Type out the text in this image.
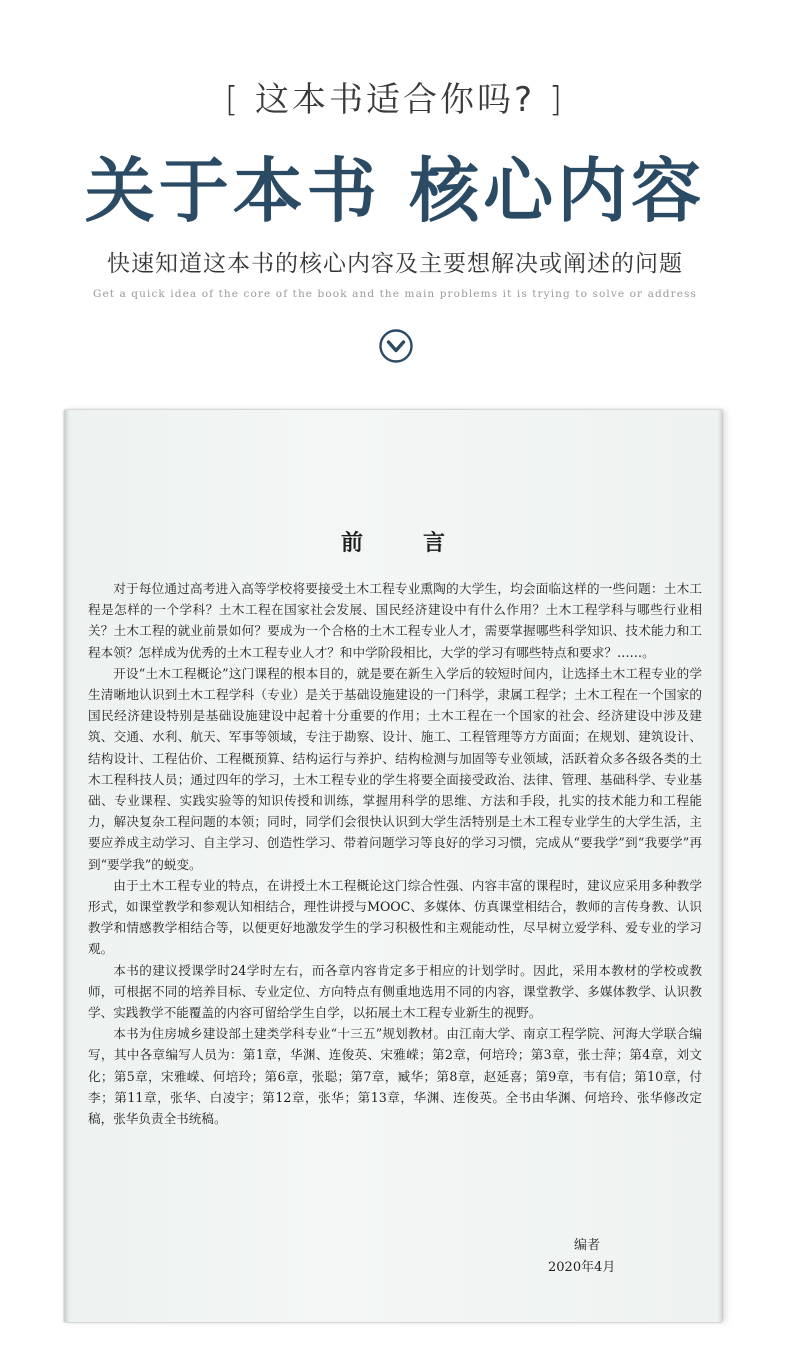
[ 这本书适合你吗? ]
关于本书 核心内容
快速知道这本书的核心内容及主要想解决或阐述的问题
Get a quick idea of the core of the book and the main problems it is trying to solve or address
前言

对于每位通过高考进入高等学校将要接受土木工程专业熏陶的大学生，均会面临这样的一些问题：土木工程是怎样的一个学科？土木工程在国家社会发展、国民经济建设中有什么作用？土木工程学科与哪些行业相关？土木工程的就业前景如何？要成为一个合格的土木工程专业人才，需要掌握哪些科学知识、技术能力和工程本领？怎样成为优秀的土木工程专业人才？和中学阶段相比，大学的学习有哪些特点和要求？……。

开设“土木工程概论”这门课程的根本目的，就是要在新生入学后的较短时间内，让选择土木工程专业的学生清晰地认识到土木工程学科（专业）是关于基础设施建设的一门科学，隶属工程学；土木工程在一个国家的国民经济建设特别是基础设施建设中起着十分重要的作用；土木工程在一个国家的社会、经济建设中涉及建筑、交通、水利、航天、军事等领域，专注于勘察、设计、施工、工程管理等方方面面；在规划、建筑设计、结构设计、工程估价、工程概预算、结构运行与养护、结构检测与加固等专业领域，活跃着众多各级各类的土木工程科技人员；通过四年的学习，土木工程专业的学生将要全面接受政治、法律、管理、基础科学、专业基础、专业课程、实践实验等的知识传授和训练，掌握用科学的思维、方法和手段，扎实的技术能力和工程能力，解决复杂工程问题的本领；同时，同学们会很快认识到大学生活特别是土木工程专业学生的大学生活，主要应养成主动学习、自主学习、创造性学习、带着问题学习等良好的学习习惯，完成从“要我学”到“我要学”再到“要学我”的蜕变。

由于土木工程专业的特点，在讲授土木工程概论这门综合性强、内容丰富的课程时，建议应采用多种教学形式，如课堂教学和参观认知相结合，理性讲授与MOOC、多媒体、仿真课堂相结合，教师的言传身教、认识教学和情感教学相结合等，以便更好地激发学生的学习积极性和主观能动性，尽早树立爱学科、爱专业的学习观。

本书的建议授课学时24学时左右，而各章内容肯定多于相应的计划学时。因此，采用本教材的学校或教师，可根据不同的培养目标、专业定位、方向特点有侧重地选用不同的内容，课堂教学、多媒体教学、认识教学、实践教学不能覆盖的内容可留给学生自学，以拓展土木工程专业新生的视野。

本书为住房城乡建设部土建类学科专业“十三五”规划教材。由江南大学、南京工程学院、河海大学联合编写，其中各章编写人员为：第1章，华渊、连俊英、宋雅嵘；第2章，何培玲；第3章，张士萍；第4章，刘文化；第5章，宋雅嵘、何培玲；第6章，张聪；第7章，臧华；第8章，赵延喜；第9章，韦有信；第10章，付李；第11章，张华、白凌宇；第12章，张华；第13章，华渊、连俊英。全书由华渊、何培玲、张华修改定稿，张华负责全书统稿。

编者
2020年4月
